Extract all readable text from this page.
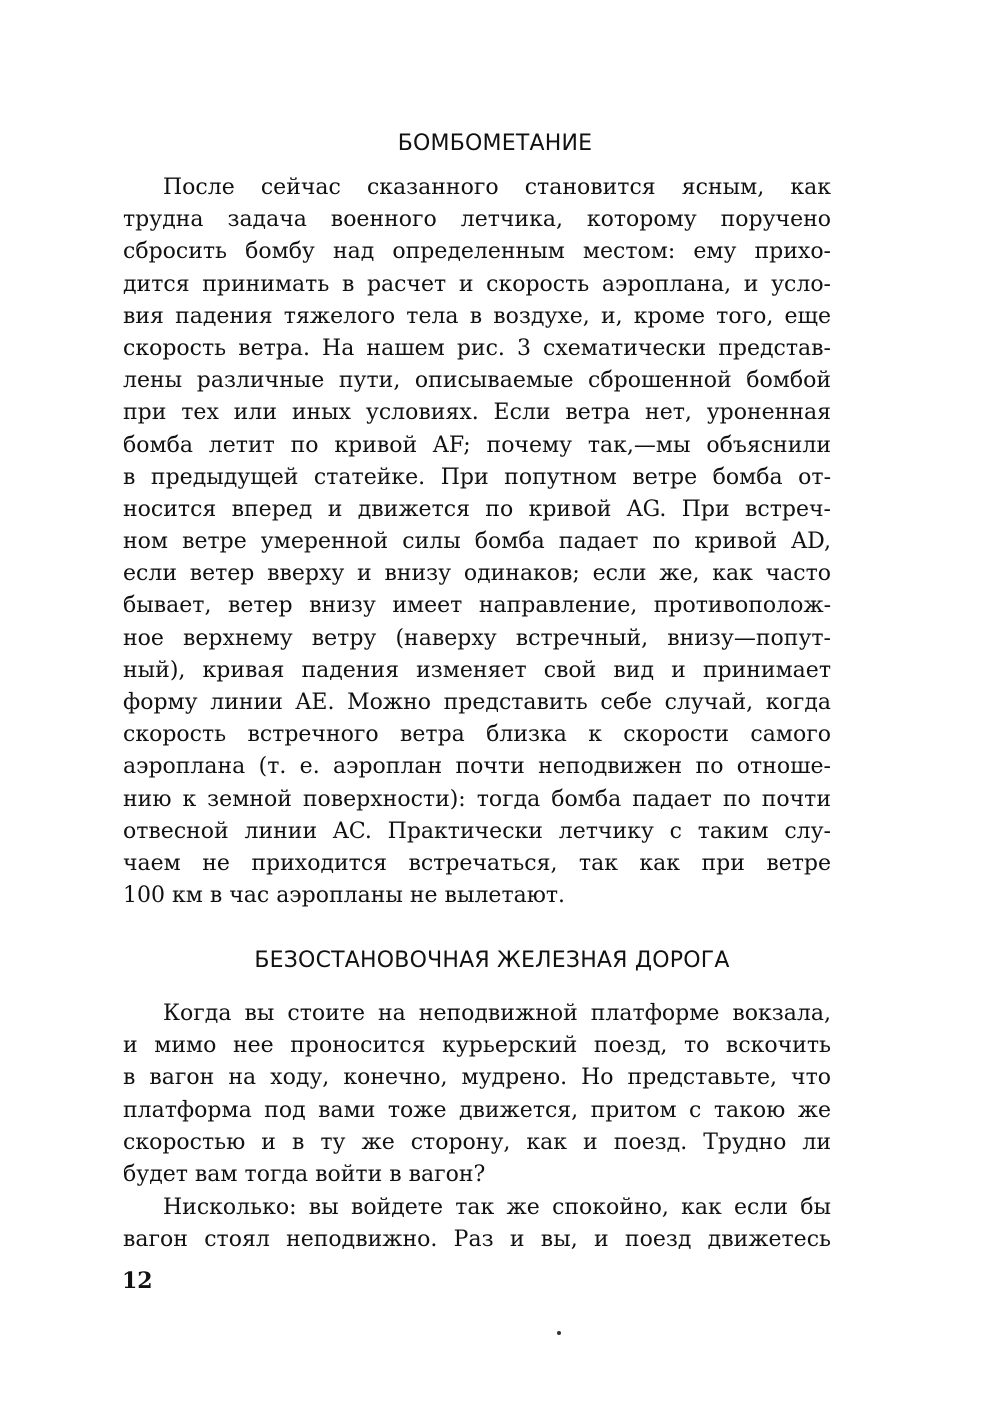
БОМБОМЕТАНИЕ
После сейчас сказанного становится ясным, как
трудна задача военного летчика, которому поручено
сбросить бомбу над определенным местом: ему прихо-
дится принимать в расчет и скорость аэроплана, и усло-
вия падения тяжелого тела в воздухе, и, кроме того, еще
скорость ветра. На нашем рис. 3 схематически представ-
лены различные пути, описываемые сброшенной бомбой
при тех или иных условиях. Если ветра нет, уроненная
бомба летит по кривой AF; почему так,—мы объяснили
в предыдущей статейке. При попутном ветре бомба от-
носится вперед и движется по кривой AG. При встреч-
ном ветре умеренной силы бомба падает по кривой AD,
если ветер вверху и внизу одинаков; если же, как часто
бывает, ветер внизу имеет направление, противополож-
ное верхнему ветру (наверху встречный, внизу—попут-
ный), кривая падения изменяет свой вид и принимает
форму линии AE. Можно представить себе случай, когда
скорость встречного ветра близка к скорости самого
аэроплана (т. е. аэроплан почти неподвижен по отноше-
нию к земной поверхности): тогда бомба падает по почти
отвесной линии AC. Практически летчику с таким слу-
чаем не приходится встречаться, так как при ветре
100 км в час аэропланы не вылетают.
БЕЗОСТАНОВОЧНАЯ ЖЕЛЕЗНАЯ ДОРОГА
Когда вы стоите на неподвижной платформе вокзала,
и мимо нее проносится курьерский поезд, то вскочить
в вагон на ходу, конечно, мудрено. Но представьте, что
платформа под вами тоже движется, притом с такою же
скоростью и в ту же сторону, как и поезд. Трудно ли
будет вам тогда войти в вагон?
Нисколько: вы войдете так же спокойно, как если бы
вагон стоял неподвижно. Раз и вы, и поезд движетесь
12
